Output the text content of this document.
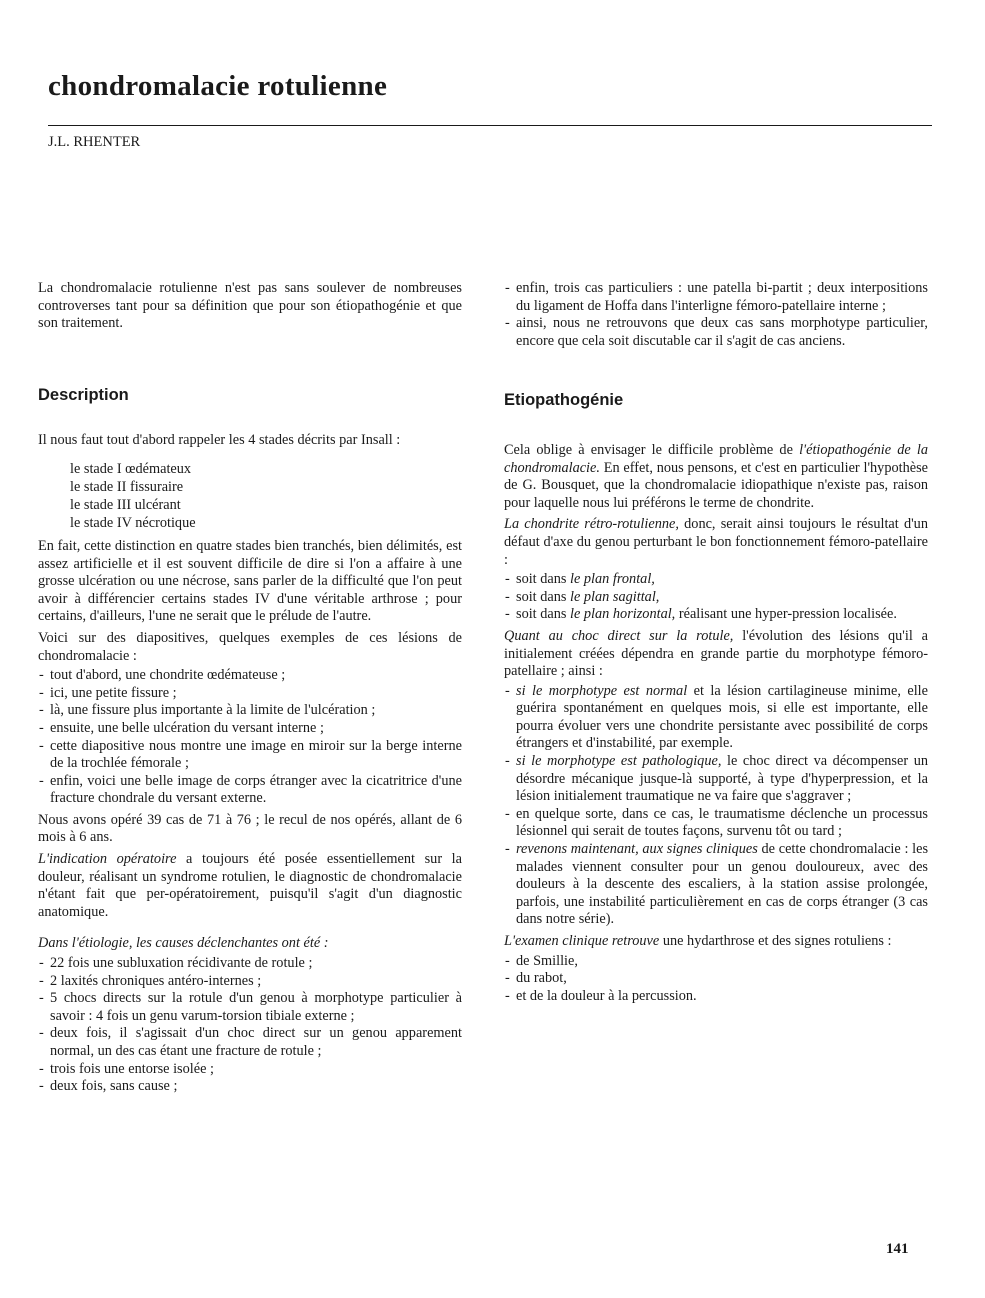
chondromalacie rotulienne
J.L. RHENTER

La chondromalacie rotulienne n'est pas sans soulever de nombreuses controverses tant pour sa définition que pour son étiopathogénie et que son traitement.

Description

Il nous faut tout d'abord rappeler les 4 stades décrits par Insall :

le stade I œdémateux
le stade II fissuraire
le stade III ulcérant
le stade IV nécrotique

En fait, cette distinction en quatre stades bien tranchés, bien délimités, est assez artificielle et il est souvent difficile de dire si l'on a affaire à une grosse ulcération ou une nécrose, sans parler de la difficulté que l'on peut avoir à différencier certains stades IV d'une véritable arthrose ; pour certains, d'ailleurs, l'une ne serait que le prélude de l'autre.

Voici sur des diapositives, quelques exemples de ces lésions de chondromalacie :

- tout d'abord, une chondrite œdémateuse ;
- ici, une petite fissure ;
- là, une fissure plus importante à la limite de l'ulcération ;
- ensuite, une belle ulcération du versant interne ;
- cette diapositive nous montre une image en miroir sur la berge interne de la trochlée fémorale ;
- enfin, voici une belle image de corps étranger avec la cicatritrice d'une fracture chondrale du versant externe.

Nous avons opéré 39 cas de 71 à 76 ; le recul de nos opérés, allant de 6 mois à 6 ans.

L'indication opératoire a toujours été posée essentiellement sur la douleur, réalisant un syndrome rotulien, le diagnostic de chondromalacie n'étant fait que per-opératoirement, puisqu'il s'agit d'un diagnostic anatomique.

Dans l'étiologie, les causes déclenchantes ont été :

- 22 fois une subluxation récidivante de rotule ;
- 2 laxités chroniques antéro-internes ;
- 5 chocs directs sur la rotule d'un genou à morphotype particulier à savoir : 4 fois un genu varum-torsion tibiale externe ;
- deux fois, il s'agissait d'un choc direct sur un genou apparement normal, un des cas étant une fracture de rotule ;
- trois fois une entorse isolée ;
- deux fois, sans cause ;
- enfin, trois cas particuliers : une patella bi-partit ; deux interpositions du ligament de Hoffa dans l'interligne fémoro-patellaire interne ;
- ainsi, nous ne retrouvons que deux cas sans morphotype particulier, encore que cela soit discutable car il s'agit de cas anciens.
Etiopathogénie

Cela oblige à envisager le difficile problème de l'étiopathogénie de la chondromalacie. En effet, nous pensons, et c'est en particulier l'hypothèse de G. Bousquet, que la chondromalacie idiopathique n'existe pas, raison pour laquelle nous lui préférons le terme de chondrite.

La chondrite rétro-rotulienne, donc, serait ainsi toujours le résultat d'un défaut d'axe du genou perturbant le bon fonctionnement fémoro-patellaire :

- soit dans le plan frontal,
- soit dans le plan sagittal,
- soit dans le plan horizontal, réalisant une hyper-pression localisée.

Quant au choc direct sur la rotule, l'évolution des lésions qu'il a initialement créées dépendra en grande partie du morphotype fémoro-patellaire ; ainsi :

- si le morphotype est normal et la lésion cartilagineuse minime, elle guérira spontanément en quelques mois, si elle est importante, elle pourra évoluer vers une chondrite persistante avec possibilité de corps étrangers et d'instabilité, par exemple.
- si le morphotype est pathologique, le choc direct va décompenser un désordre mécanique jusque-là supporté, à type d'hyperpression, et la lésion initialement traumatique ne va faire que s'aggraver ;
- en quelque sorte, dans ce cas, le traumatisme déclenche un processus lésionnel qui serait de toutes façons, survenu tôt ou tard ;
- revenons maintenant, aux signes cliniques de cette chondromalacie : les malades viennent consulter pour un genou douloureux, avec des douleurs à la descente des escaliers, à la station assise prolongée, parfois, une instabilité particulièrement en cas de corps étranger (3 cas dans notre série).

L'examen clinique retrouve une hydarthrose et des signes rotuliens :

- de Smillie,
- du rabot,
- et de la douleur à la percussion.
141
